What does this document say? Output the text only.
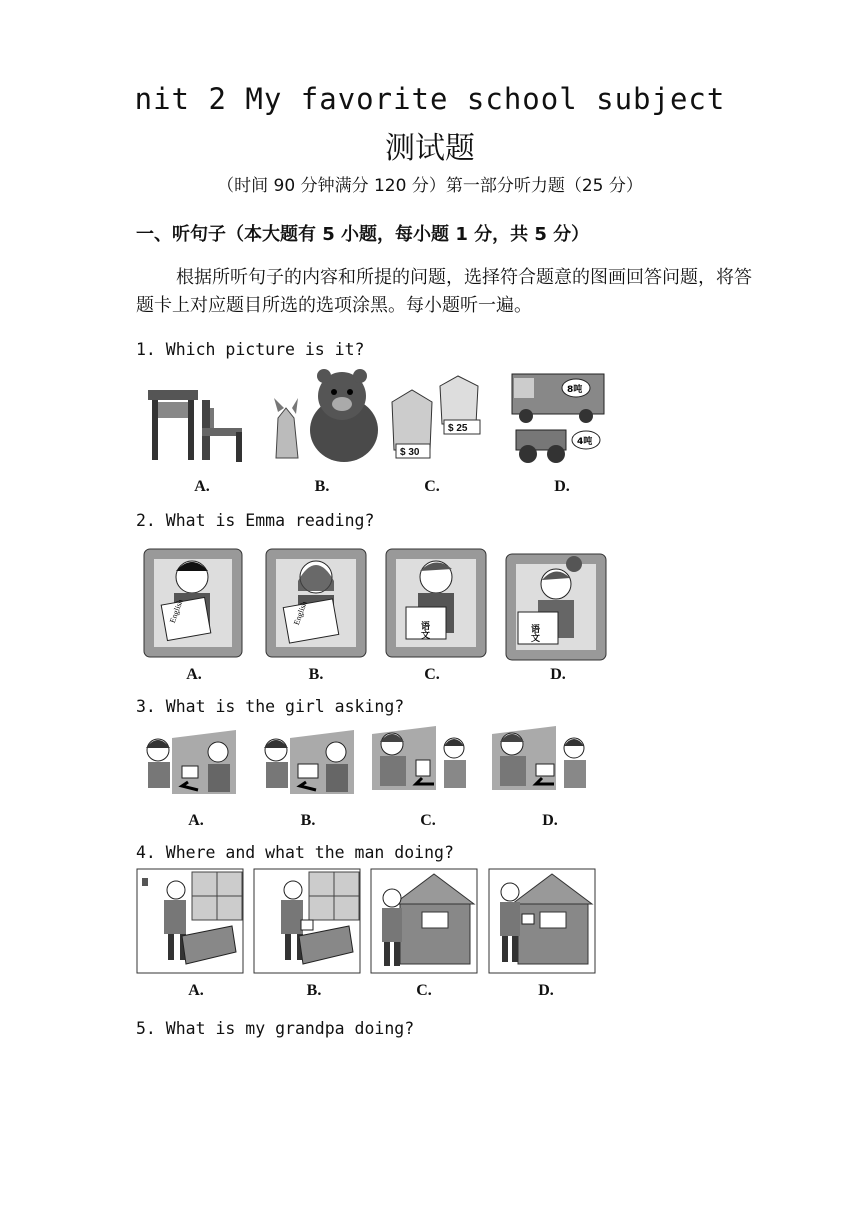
nit 2 My favorite school subject
测试题
（时间 90 分钟满分 120 分）第一部分听力题（25 分）
一、听句子（本大题有 5 小题，每小题 1 分，共 5 分）
根据所听句子的内容和所提的问题，选择符合题意的图画回答问题，将答题卡上对应题目所选的选项涂黑。每小题听一遍。
1. Which picture is it?
$ 30
$ 25
8吨
4吨
A.	B.	C.	D.
2. What is Emma reading?
English	English
语文	语文
A.	B.	C.	D.
3. What is the girl asking?
A.	B.	C.	D.
4. Where and what the man doing?
A.	B.	C.	D.
5. What is my grandpa doing?
